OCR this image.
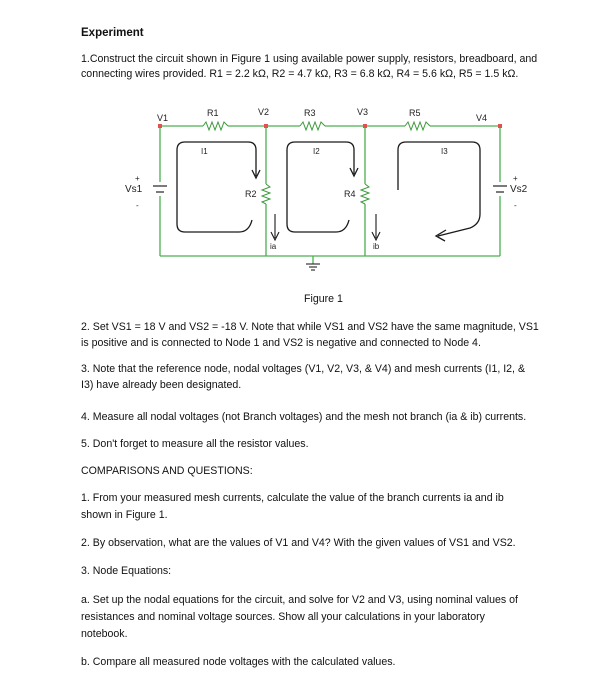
Experiment
1.Construct the circuit shown in Figure 1 using available power supply, resistors, breadboard, and
connecting wires provided. R1 = 2.2 kΩ, R2 = 4.7 kΩ, R3 = 6.8 kΩ, R4 = 5.6 kΩ, R5 = 1.5 kΩ.
V1
V2	V3
V4
R1	R3	R5
R2	R4
I1	I2	I3
ia	ib
Vs1
+
-
Vs2
+
-
Figure 1
2. Set VS1 = 18 V and VS2 = -18 V. Note that while VS1 and VS2 have the same magnitude, VS1
is positive and is connected to Node 1 and VS2 is negative and connected to Node 4.
3. Note that the reference node, nodal voltages (V1, V2, V3, & V4) and mesh currents (I1, I2, &
I3) have already been designated.
4. Measure all nodal voltages (not Branch voltages) and the mesh not branch (ia & ib) currents.
5. Don't forget to measure all the resistor values.
COMPARISONS AND QUESTIONS:
1. From your measured mesh currents, calculate the value of the branch currents ia and ib
shown in Figure 1.
2. By observation, what are the values of V1 and V4? With the given values of VS1 and VS2.
3. Node Equations:
a. Set up the nodal equations for the circuit, and solve for V2 and V3, using nominal values of
resistances and nominal voltage sources. Show all your calculations in your laboratory
notebook.
b. Compare all measured node voltages with the calculated values.
